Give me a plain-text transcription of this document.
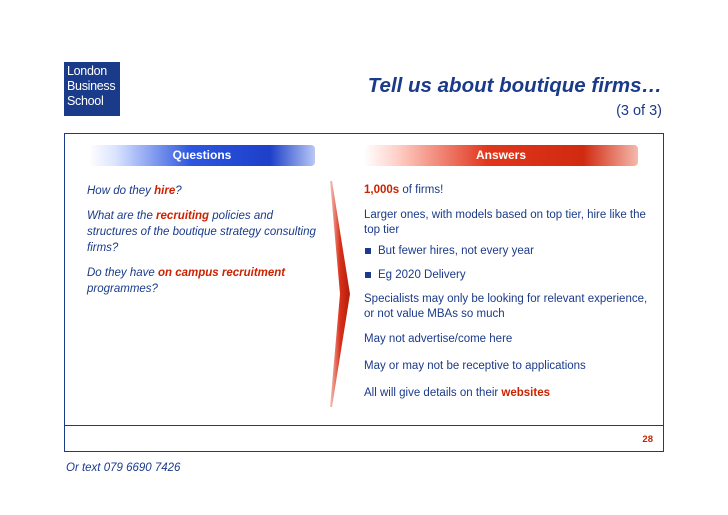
London
Business
School
Tell us about boutique firms…
(3 of 3)
Questions	Answers

How do they hire?

What are the recruiting policies and structures of the boutique strategy consulting firms?

Do they have on campus recruitment programmes?

1,000s of firms!

Larger ones, with models based on top tier, hire like the top tier

But fewer hires, not every year

Eg 2020 Delivery

Specialists may only be looking for relevant experience, or not value MBAs so much

May not advertise/come here

May or may not be receptive to applications

All will give details on their websites

28
Or text 079 6690 7426
